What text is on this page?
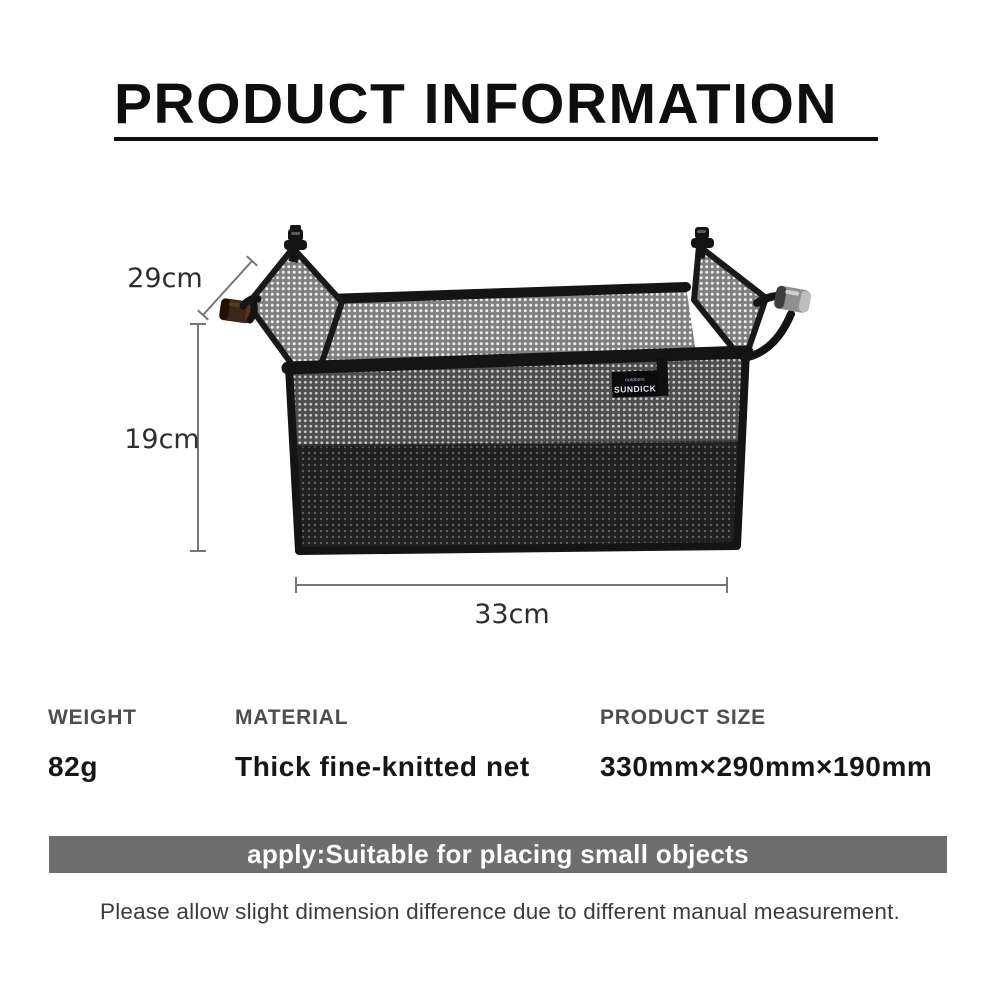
PRODUCT INFORMATION
outdoors
SUNDICK
29cm
19cm
33cm
WEIGHT
82g
MATERIAL
Thick fine-knitted net
PRODUCT SIZE
330mm×290mm×190mm
apply:Suitable for placing small objects
Please allow slight dimension difference due to different manual measurement.
